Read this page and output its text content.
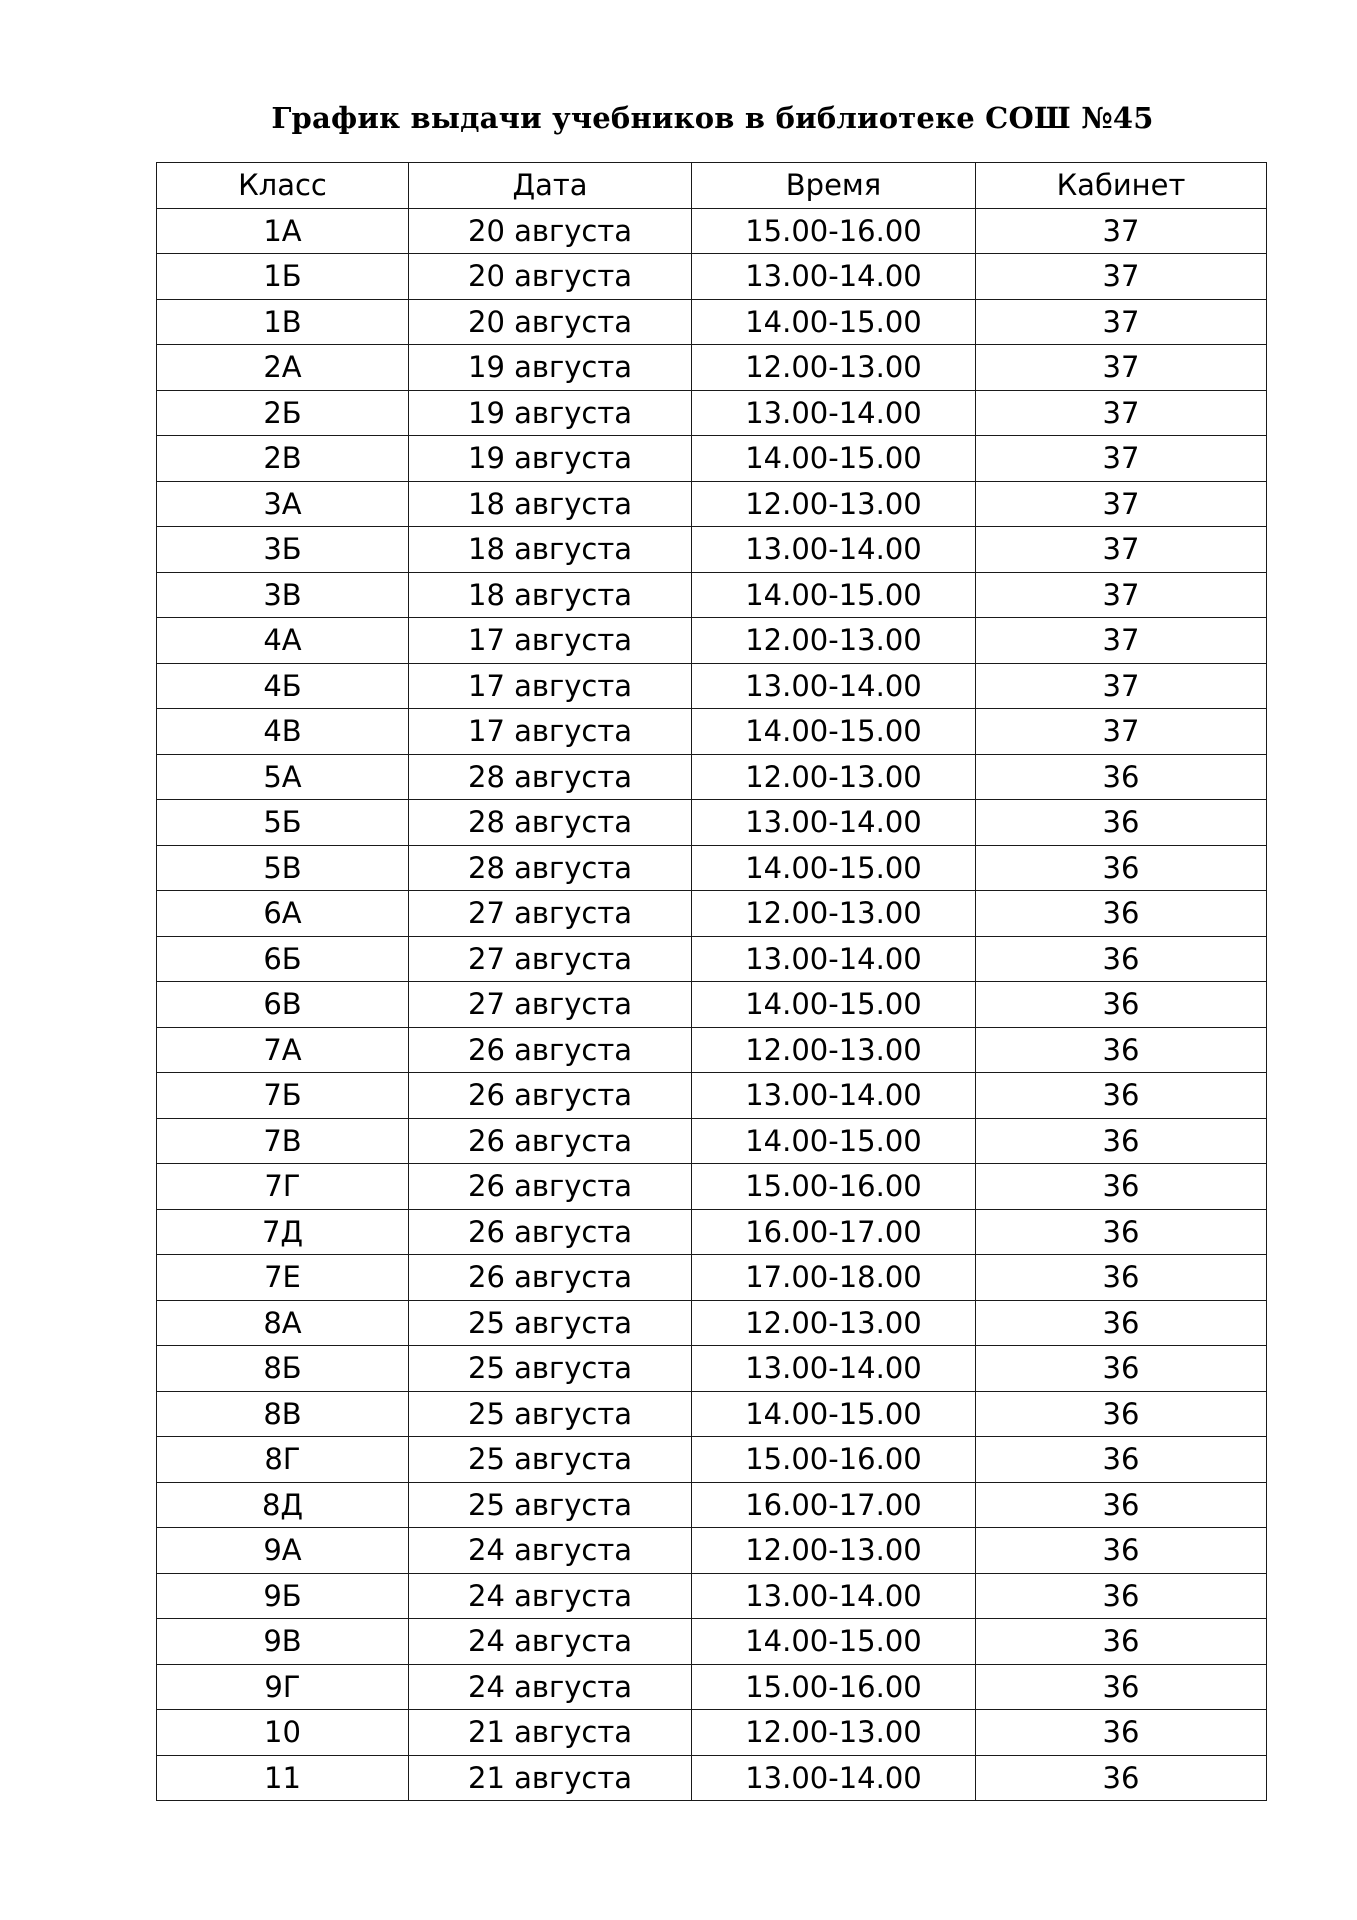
График выдачи учебников в библиотеке СОШ №45
Класс	Дата	Время	Кабинет
1А	20 августа	15.00-16.00	37
1Б	20 августа	13.00-14.00	37
1В	20 августа	14.00-15.00	37
2А	19 августа	12.00-13.00	37
2Б	19 августа	13.00-14.00	37
2В	19 августа	14.00-15.00	37
3А	18 августа	12.00-13.00	37
3Б	18 августа	13.00-14.00	37
3В	18 августа	14.00-15.00	37
4А	17 августа	12.00-13.00	37
4Б	17 августа	13.00-14.00	37
4В	17 августа	14.00-15.00	37
5А	28 августа	12.00-13.00	36
5Б	28 августа	13.00-14.00	36
5В	28 августа	14.00-15.00	36
6А	27 августа	12.00-13.00	36
6Б	27 августа	13.00-14.00	36
6В	27 августа	14.00-15.00	36
7А	26 августа	12.00-13.00	36
7Б	26 августа	13.00-14.00	36
7В	26 августа	14.00-15.00	36
7Г	26 августа	15.00-16.00	36
7Д	26 августа	16.00-17.00	36
7Е	26 августа	17.00-18.00	36
8А	25 августа	12.00-13.00	36
8Б	25 августа	13.00-14.00	36
8В	25 августа	14.00-15.00	36
8Г	25 августа	15.00-16.00	36
8Д	25 августа	16.00-17.00	36
9А	24 августа	12.00-13.00	36
9Б	24 августа	13.00-14.00	36
9В	24 августа	14.00-15.00	36
9Г	24 августа	15.00-16.00	36
10	21 августа	12.00-13.00	36
11	21 августа	13.00-14.00	36
